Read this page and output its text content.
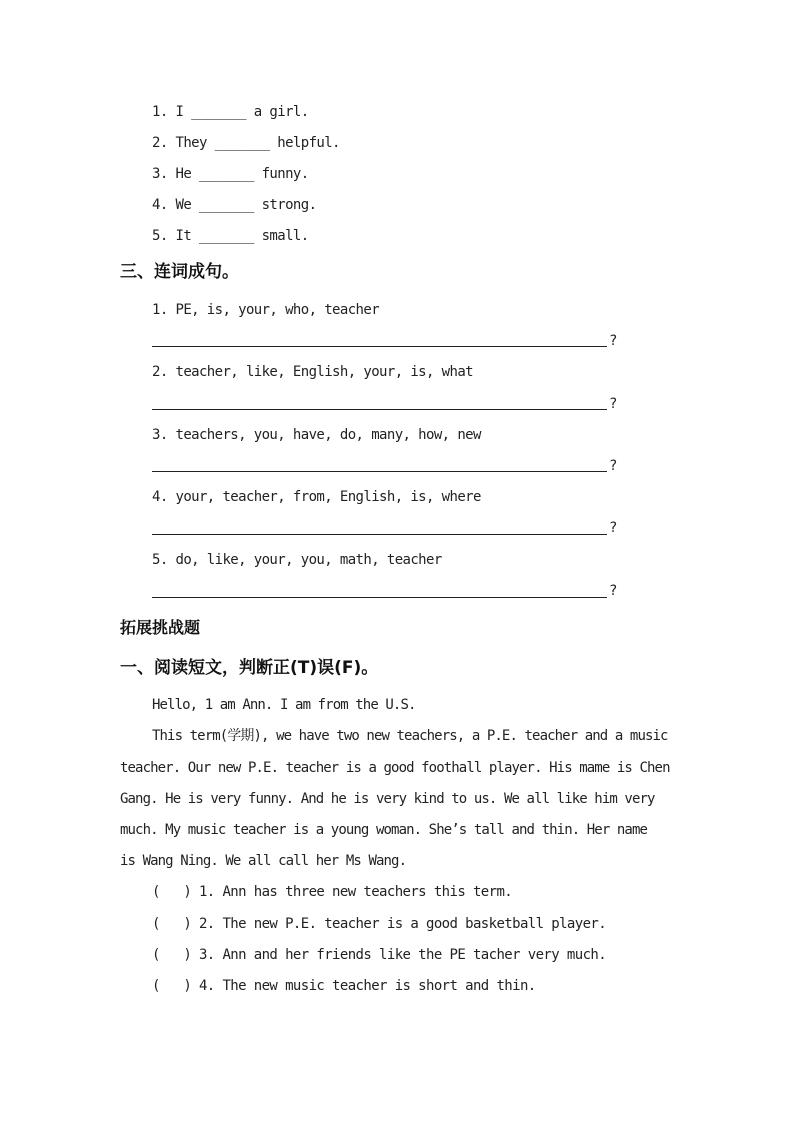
1. I _______ a girl.
2. They _______ helpful.
3. He _______ funny.
4. We _______ strong.
5. It _______ small.
三、连词成句。
1. PE, is, your, who, teacher
?
2. teacher, like, English, your, is, what
?
3. teachers, you, have, do, many, how, new
?
4. your, teacher, from, English, is, where
?
5. do, like, your, you, math, teacher
?
拓展挑战题
一、阅读短文，判断正(T)误(F)。
Hello, 1 am Ann. I am from the U.S.
This term(学期), we have two new teachers, a P.E. teacher and a music
teacher. Our new P.E. teacher is a good foothall player. His mame is Chen
Gang. He is very funny. And he is very kind to us. We all like him very
much. My music teacher is a young woman. She’s tall and thin. Her name
is Wang Ning. We all call her Ms Wang.
(   ) 1. Ann has three new teachers this term.
(   ) 2. The new P.E. teacher is a good basketball player.
(   ) 3. Ann and her friends like the PE tacher very much.
(   ) 4. The new music teacher is short and thin.
